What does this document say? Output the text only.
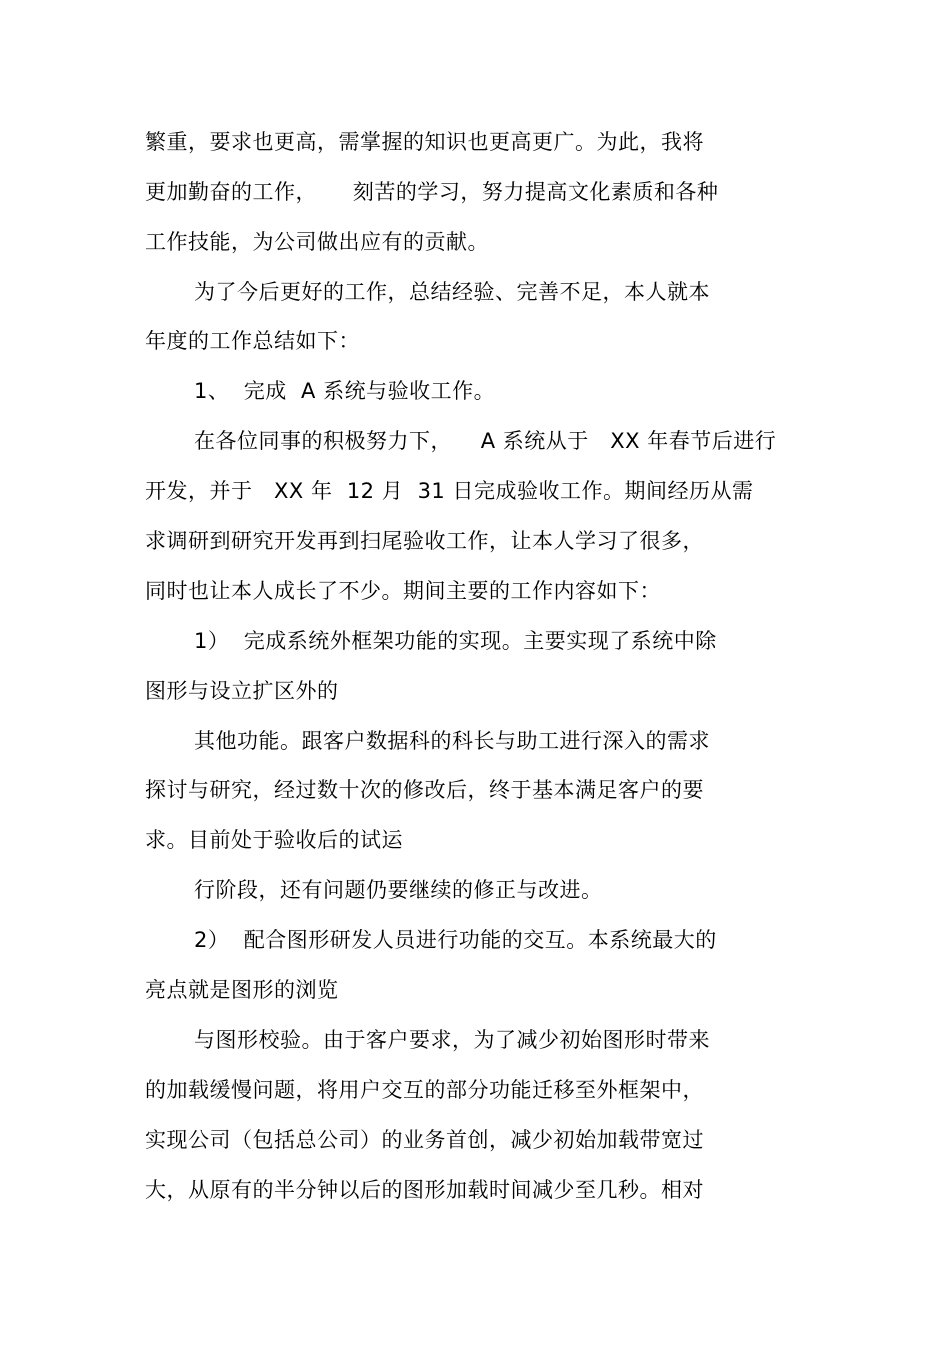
繁重，要求也更高，需掌握的知识也更高更广。为此，我将
更加勤奋的工作，     刻苦的学习，努力提高文化素质和各种
工作技能，为公司做出应有的贡献。
为了今后更好的工作，总结经验、完善不足，本人就本
年度的工作总结如下：
1、  完成  A 系统与验收工作。
在各位同事的积极努力下，    A 系统从于   XX 年春节后进行
开发，并于   XX 年  12 月  31 日完成验收工作。期间经历从需
求调研到研究开发再到扫尾验收工作，让本人学习了很多，
同时也让本人成长了不少。期间主要的工作内容如下：
1）  完成系统外框架功能的实现。主要实现了系统中除
图形与设立扩区外的
其他功能。跟客户数据科的科长与助工进行深入的需求
探讨与研究，经过数十次的修改后，终于基本满足客户的要
求。目前处于验收后的试运
行阶段，还有问题仍要继续的修正与改进。
2）  配合图形研发人员进行功能的交互。本系统最大的
亮点就是图形的浏览
与图形校验。由于客户要求，为了减少初始图形时带来
的加载缓慢问题，将用户交互的部分功能迁移至外框架中，
实现公司（包括总公司）的业务首创，减少初始加载带宽过
大，从原有的半分钟以后的图形加载时间减少至几秒。相对
